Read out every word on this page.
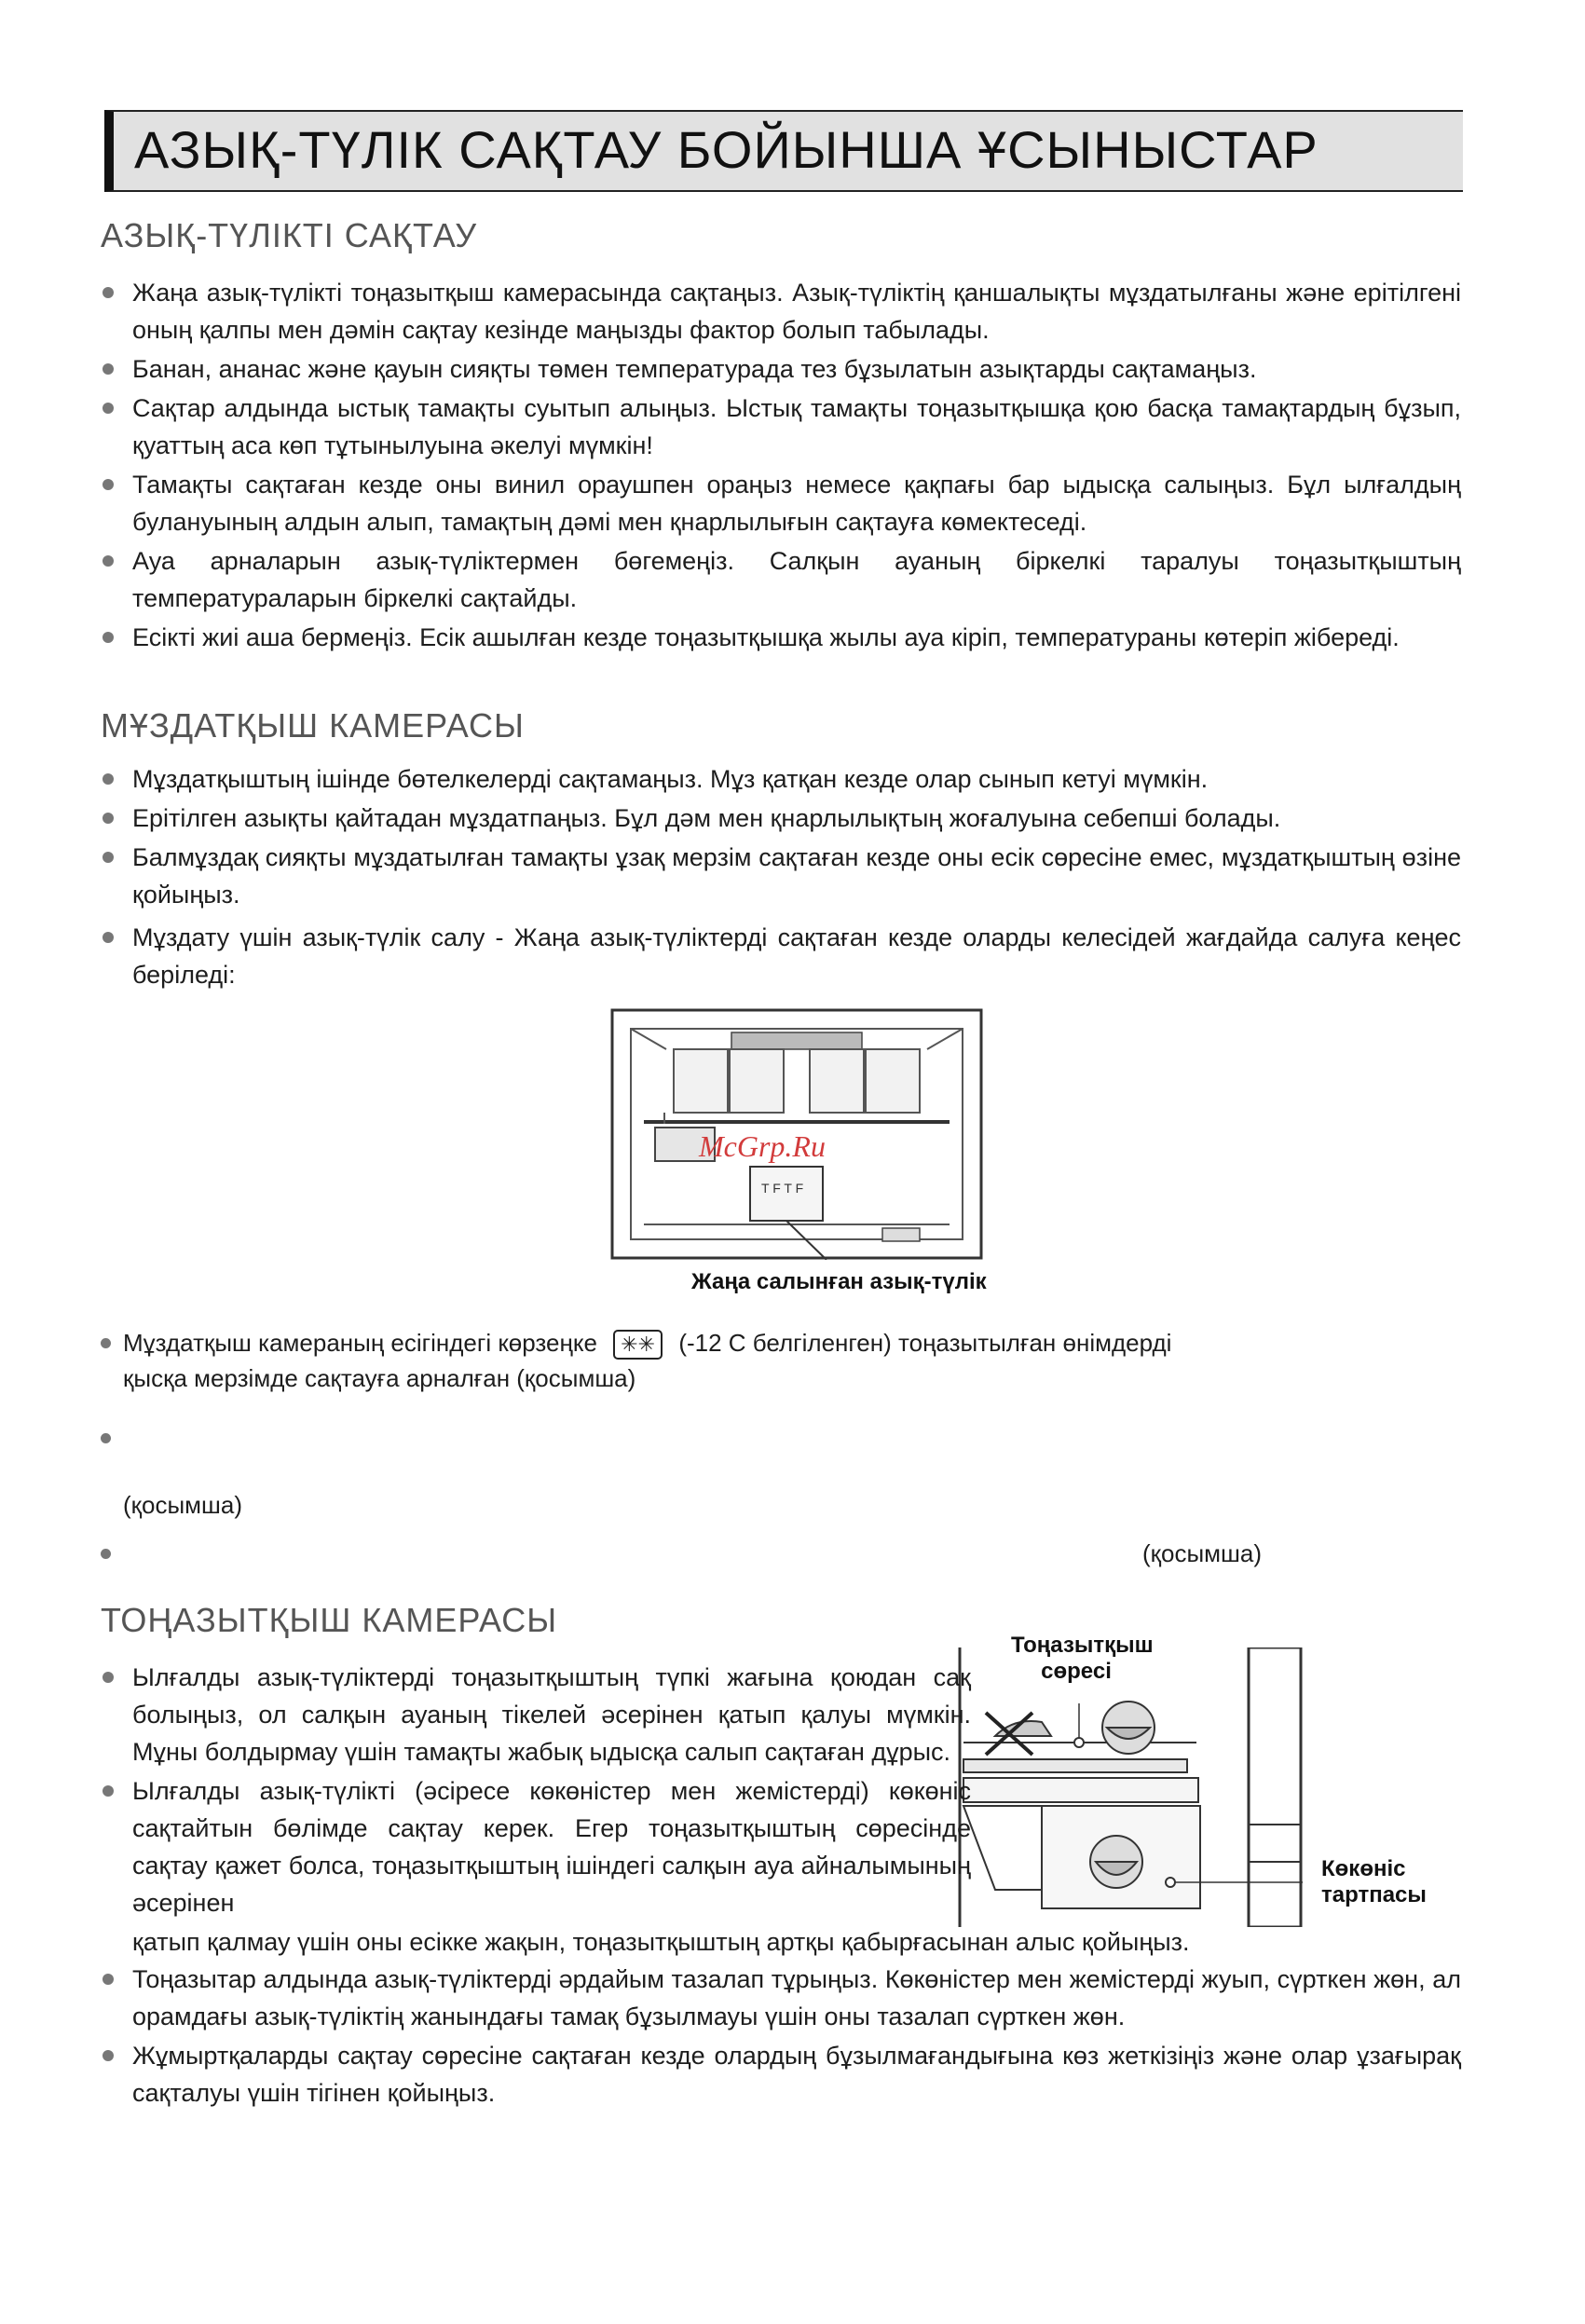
АЗЫҚ-ТҮЛІК САҚТАУ БОЙЫНША ҰСЫНЫСТАР
АЗЫҚ-ТҮЛІКТІ САҚТАУ
Жаңа азық-түлікті тоңазытқыш камерасында сақтаңыз. Азық-түліктің қаншалықты мұздатылғаны және ерітілгені оның қалпы мен дәмін сақтау кезінде маңызды фактор болып табылады.
Банан, ананас және қауын сияқты төмен температурада тез бұзылатын азықтарды сақтамаңыз.
Сақтар алдында ыстық тамақты суытып алыңыз. Ыстық тамақты тоңазытқышқа қою басқа тамақтардың бұзып, қуаттың аса көп тұтынылуына әкелуі мүмкін!
Тамақты сақтаған кезде оны винил ораушпен ораңыз немесе қақпағы бар ыдысқа салыңыз. Бұл ылғалдың булануының алдын алып, тамақтың дәмі мен қнарлылығын сақтауға көмектеседі.
Ауа арналарын азық-түліктермен бөгемеңіз. Салқын ауаның біркелкі таралуы тоңазытқыштың температураларын біркелкі сақтайды.
Есікті жиі аша бермеңіз. Есік ашылған кезде тоңазытқышқа жылы ауа кіріп, температураны көтеріп жібереді.
МҰЗДАТҚЫШ КАМЕРАСЫ
Мұздатқыштың ішінде бөтелкелерді сақтамаңыз. Мұз қатқан кезде олар сынып кетуі мүмкін.
Ерітілген азықты қайтадан мұздатпаңыз. Бұл дәм мен қнарлылықтың жоғалуына себепші болады.
Балмұздақ сияқты мұздатылған тамақты ұзақ мерзім сақтаған кезде оны есік сөресіне емес, мұздатқыштың өзіне қойыңыз.
Мұздату үшін азық-түлік салу - Жаңа азық-түліктерді сақтаған кезде оларды келесідей жағдайда салуға кеңес беріледі:
T F T F
McGrp.Ru
Жаңа салынған азық-түлік
Мұздатқыш камераның есігіндегі көрзеңке ✳✳ (-12 С белгіленген) тоңазытылған өнімдерді
қысқа мерзімде сақтауға арналған (қосымша)
(қосымша)
(қосымша)
ТОҢАЗЫТҚЫШ КАМЕРАСЫ
Тоңазытқыш
сөресі
Көкөніс
тартпасы
Ылғалды азық-түліктерді тоңазытқыштың түпкі жағына қоюдан сақ болыңыз, ол салқын ауаның тікелей әсерінен қатып қалуы мүмкін. Мұны болдырмау үшін тамақты жабық ыдысқа салып сақтаған дұрыс.
Ылғалды азық-түлікті (әсіресе көкөністер мен жемістерді) көкөніс сақтайтын бөлімде сақтау керек. Егер тоңазытқыштың сөресінде сақтау қажет болса, тоңазытқыштың ішіндегі салқын ауа айналымының әсерінен
қатып қалмау үшін оны есікке жақын, тоңазытқыштың артқы қабырғасынан алыс қойыңыз.
Тоңазытар алдында азық-түліктерді әрдайым тазалап тұрыңыз. Көкөністер мен жемістерді жуып, сүрткен жөн, ал орамдағы азық-түліктің жанындағы тамақ бұзылмауы үшін оны тазалап сүрткен жөн.
Жұмыртқаларды сақтау сөресіне сақтаған кезде олардың бұзылмағандығына көз жеткізіңіз және олар ұзағырақ сақталуы үшін тігінен қойыңыз.
